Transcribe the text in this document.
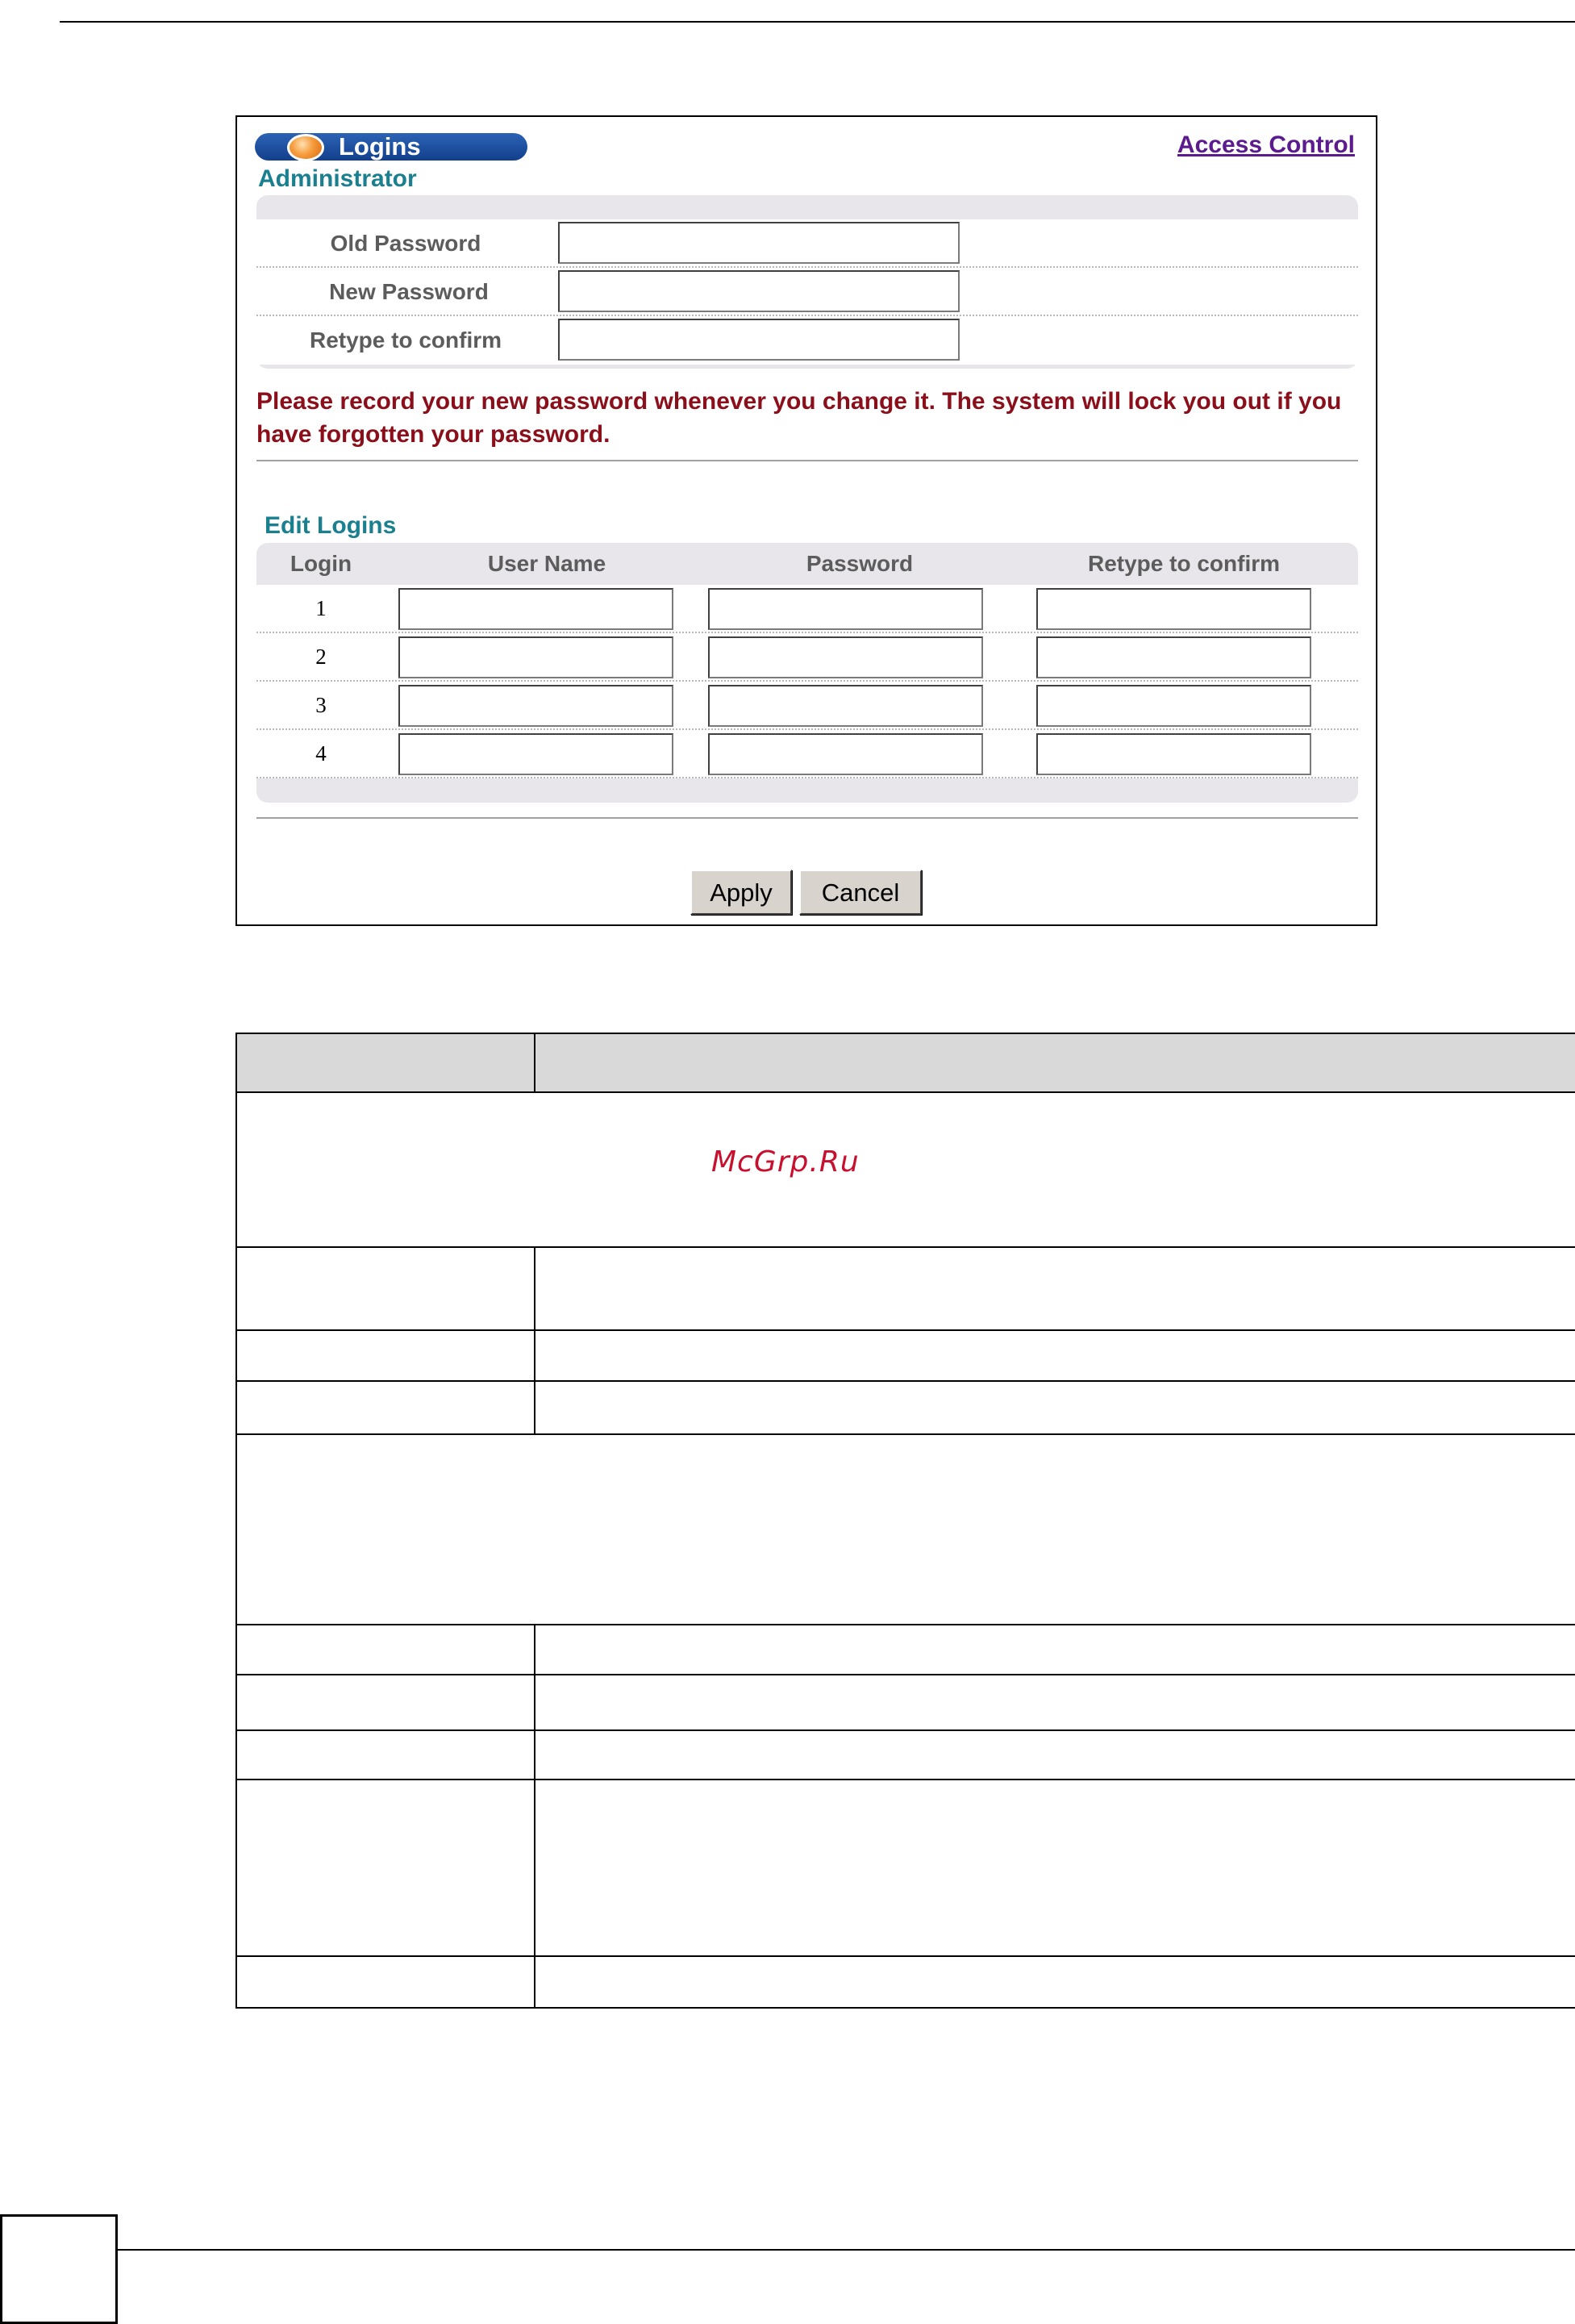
Logins	Access Control
Administrator
Old Password
New Password
Retype to confirm
Please record your new password whenever you change it. The system will lock you out if you have forgotten your password.
Edit Logins
Login	User Name	Password	Retype to confirm
1
2
3
4
Apply	Cancel
McGrp.Ru
